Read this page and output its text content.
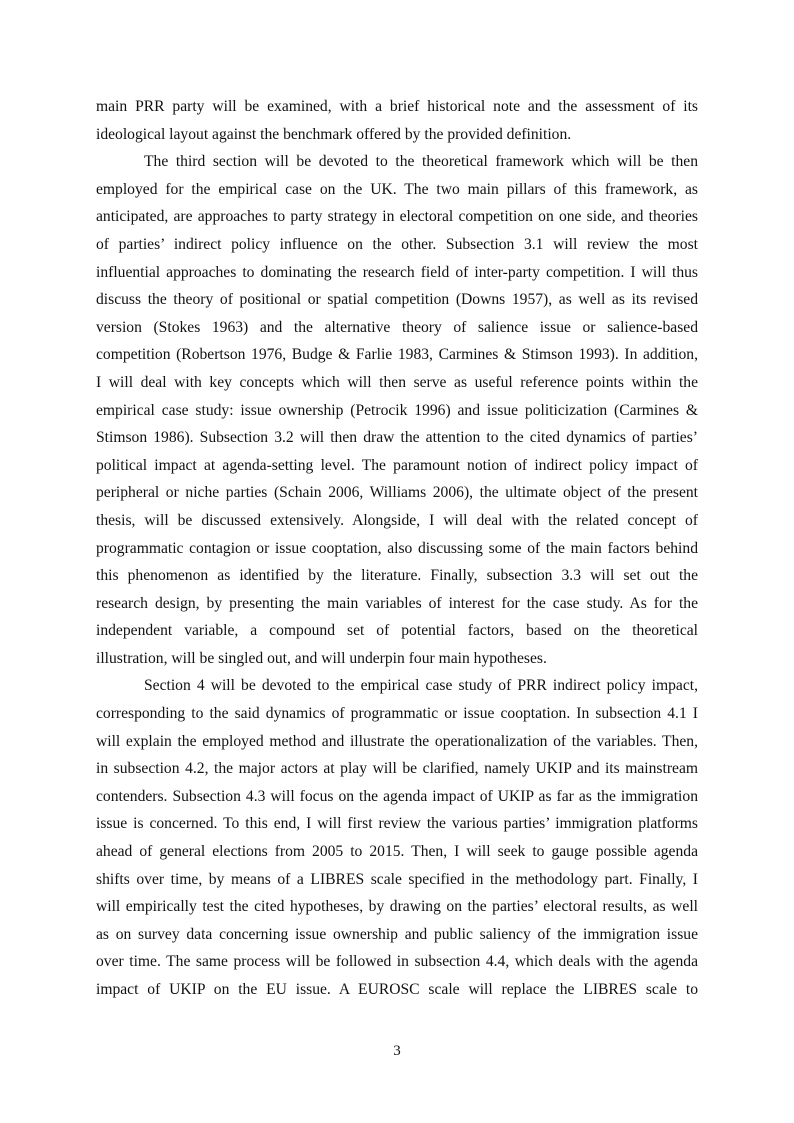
main PRR party will be examined, with a brief historical note and the assessment of its
ideological layout against the benchmark offered by the provided definition.
The third section will be devoted to the theoretical framework which will be then
employed for the empirical case on the UK. The two main pillars of this framework, as
anticipated, are approaches to party strategy in electoral competition on one side, and theories
of parties’ indirect policy influence on the other. Subsection 3.1 will review the most
influential approaches to dominating the research field of inter-party competition. I will thus
discuss the theory of positional or spatial competition (Downs 1957), as well as its revised
version (Stokes 1963) and the alternative theory of salience issue or salience-based
competition (Robertson 1976, Budge & Farlie 1983, Carmines & Stimson 1993). In addition,
I will deal with key concepts which will then serve as useful reference points within the
empirical case study: issue ownership (Petrocik 1996) and issue politicization (Carmines &
Stimson 1986). Subsection 3.2 will then draw the attention to the cited dynamics of parties’
political impact at agenda-setting level. The paramount notion of indirect policy impact of
peripheral or niche parties (Schain 2006, Williams 2006), the ultimate object of the present
thesis, will be discussed extensively. Alongside, I will deal with the related concept of
programmatic contagion or issue cooptation, also discussing some of the main factors behind
this phenomenon as identified by the literature. Finally, subsection 3.3 will set out the
research design, by presenting the main variables of interest for the case study. As for the
independent variable, a compound set of potential factors, based on the theoretical
illustration, will be singled out, and will underpin four main hypotheses.
Section 4 will be devoted to the empirical case study of PRR indirect policy impact,
corresponding to the said dynamics of programmatic or issue cooptation. In subsection 4.1 I
will explain the employed method and illustrate the operationalization of the variables. Then,
in subsection 4.2, the major actors at play will be clarified, namely UKIP and its mainstream
contenders. Subsection 4.3 will focus on the agenda impact of UKIP as far as the immigration
issue is concerned. To this end, I will first review the various parties’ immigration platforms
ahead of general elections from 2005 to 2015. Then, I will seek to gauge possible agenda
shifts over time, by means of a LIBRES scale specified in the methodology part. Finally, I
will empirically test the cited hypotheses, by drawing on the parties’ electoral results, as well
as on survey data concerning issue ownership and public saliency of the immigration issue
over time. The same process will be followed in subsection 4.4, which deals with the agenda
impact of UKIP on the EU issue. A EUROSC scale will replace the LIBRES scale to
3
